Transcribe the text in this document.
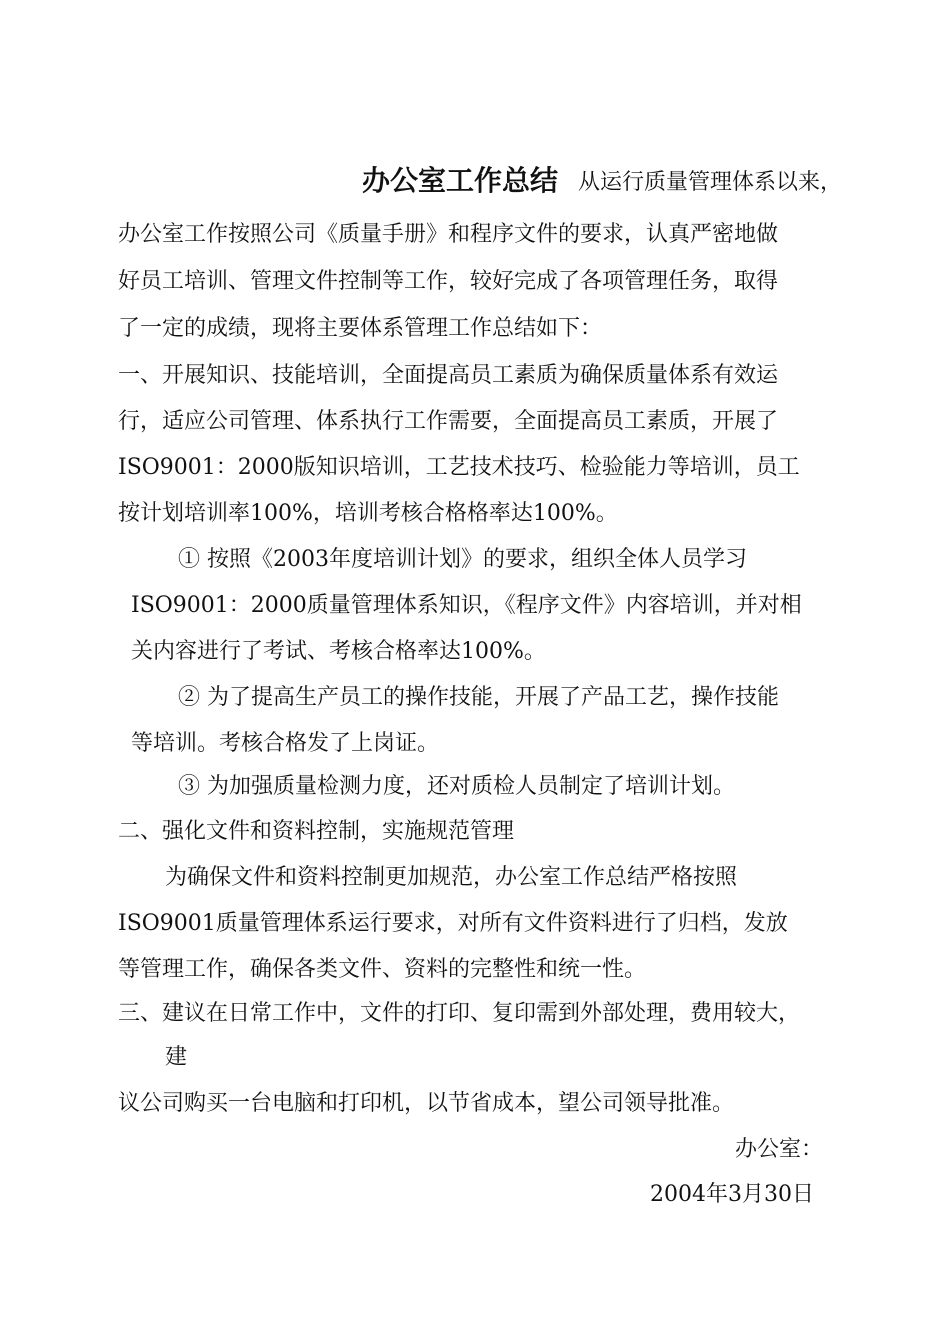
办公室工作总结 从运行质量管理体系以来，
办公室工作按照公司《质量手册》和程序文件的要求，认真严密地做
好员工培训、管理文件控制等工作，较好完成了各项管理任务，取得
了一定的成绩，现将主要体系管理工作总结如下：
一、开展知识、技能培训，全面提高员工素质为确保质量体系有效运
行，适应公司管理、体系执行工作需要，全面提高员工素质，开展了
ISO9001：2000版知识培训，工艺技术技巧、检验能力等培训，员工
按计划培训率100%，培训考核合格格率达100%。
① 按照《2003年度培训计划》的要求，组织全体人员学习
ISO9001：2000质量管理体系知识，《程序文件》内容培训，并对相
关内容进行了考试、考核合格率达100%。
② 为了提高生产员工的操作技能，开展了产品工艺，操作技能
等培训。考核合格发了上岗证。
③ 为加强质量检测力度，还对质检人员制定了培训计划。
二、强化文件和资料控制，实施规范管理
为确保文件和资料控制更加规范，办公室工作总结严格按照
ISO9001质量管理体系运行要求，对所有文件资料进行了归档，发放
等管理工作，确保各类文件、资料的完整性和统一性。
三、建议在日常工作中，文件的打印、复印需到外部处理，费用较大，
建
议公司购买一台电脑和打印机，以节省成本，望公司领导批准。
办公室：
2004年3月30日
